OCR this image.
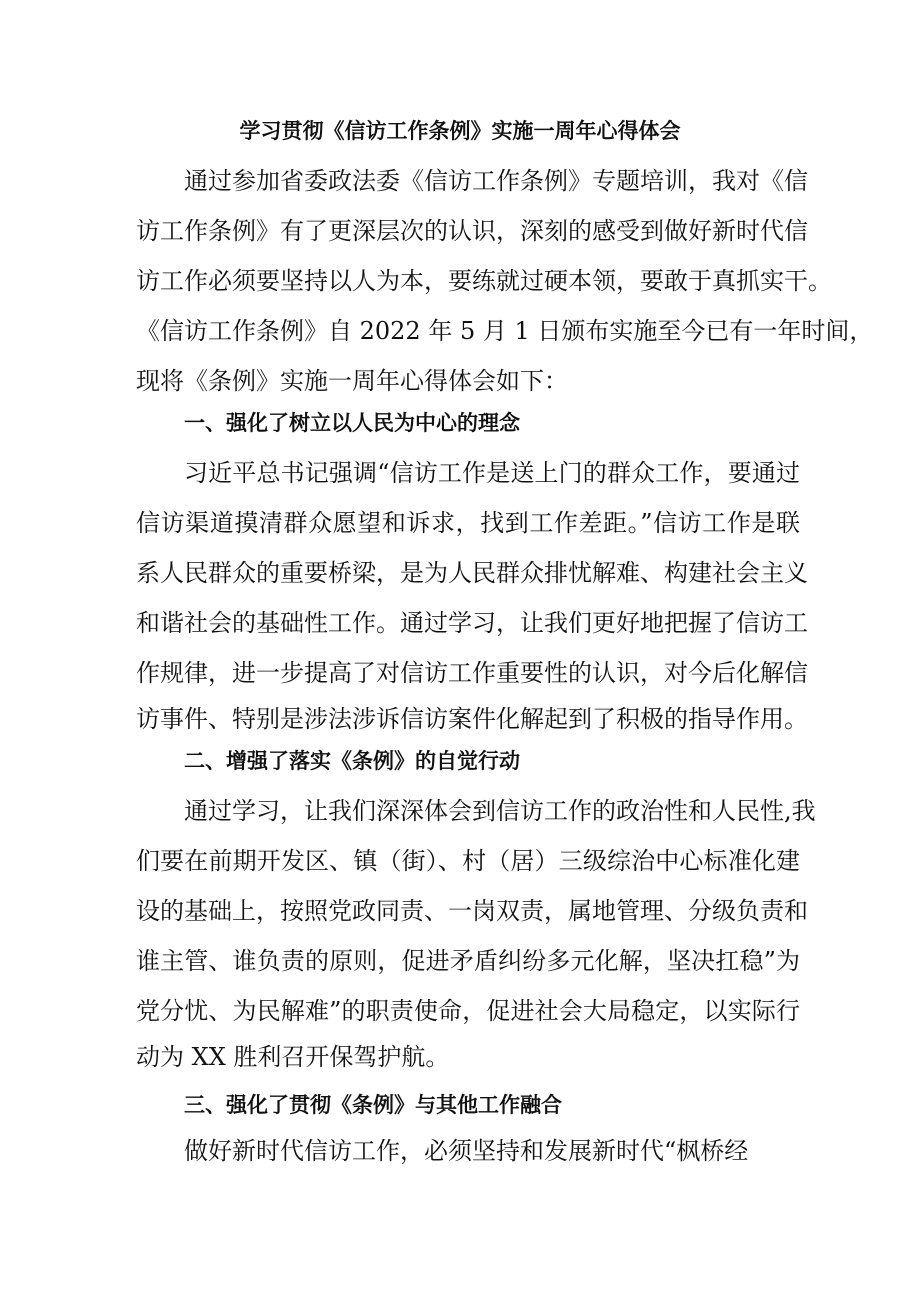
学习贯彻《信访工作条例》实施一周年心得体会
通过参加省委政法委《信访工作条例》专题培训，我对《信
访工作条例》有了更深层次的认识，深刻的感受到做好新时代信
访工作必须要坚持以人为本，要练就过硬本领，要敢于真抓实干。
《信访工作条例》自 2022 年 5 月 1 日颁布实施至今已有一年时间，
现将《条例》实施一周年心得体会如下：
一、强化了树立以人民为中心的理念
习近平总书记强调“信访工作是送上门的群众工作，要通过
信访渠道摸清群众愿望和诉求，找到工作差距。”信访工作是联
系人民群众的重要桥梁，是为人民群众排忧解难、构建社会主义
和谐社会的基础性工作。通过学习，让我们更好地把握了信访工
作规律，进一步提高了对信访工作重要性的认识，对今后化解信
访事件、特别是涉法涉诉信访案件化解起到了积极的指导作用。
二、增强了落实《条例》的自觉行动
通过学习，让我们深深体会到信访工作的政治性和人民性,我
们要在前期开发区、镇（街）、村（居）三级综治中心标准化建
设的基础上，按照党政同责、一岗双责，属地管理、分级负责和
谁主管、谁负责的原则，促进矛盾纠纷多元化解，坚决扛稳”为
党分忧、为民解难”的职责使命，促进社会大局稳定，以实际行
动为 XX 胜利召开保驾护航。
三、强化了贯彻《条例》与其他工作融合
做好新时代信访工作，必须坚持和发展新时代“枫桥经
